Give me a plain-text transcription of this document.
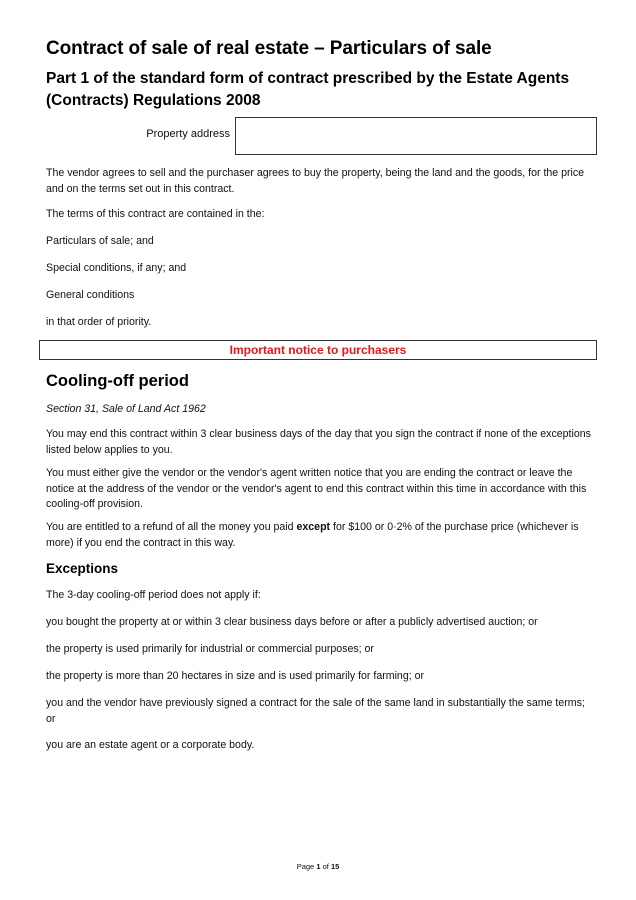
Contract of sale of real estate – Particulars of sale
Part 1 of the standard form of contract prescribed by the Estate Agents (Contracts) Regulations 2008
Property address
The vendor agrees to sell and the purchaser agrees to buy the property, being the land and the goods, for the price and on the terms set out in this contract.
The terms of this contract are contained in the:
Particulars of sale; and
Special conditions, if any; and
General conditions
in that order of priority.
Important notice to purchasers
Cooling-off period
Section 31, Sale of Land Act 1962
You may end this contract within 3 clear business days of the day that you sign the contract if none of the exceptions listed below applies to you.
You must either give the vendor or the vendor's agent written notice that you are ending the contract or leave the notice at the address of the vendor or the vendor's agent to end this contract within this time in accordance with this cooling-off provision.
You are entitled to a refund of all the money you paid except for $100 or 0·2% of the purchase price (whichever is more) if you end the contract in this way.
Exceptions
The 3-day cooling-off period does not apply if:
you bought the property at or within 3 clear business days before or after a publicly advertised auction; or
the property is used primarily for industrial or commercial purposes; or
the property is more than 20 hectares in size and is used primarily for farming; or
you and the vendor have previously signed a contract for the sale of the same land in substantially the same terms; or
you are an estate agent or a corporate body.
Page 1 of 15
